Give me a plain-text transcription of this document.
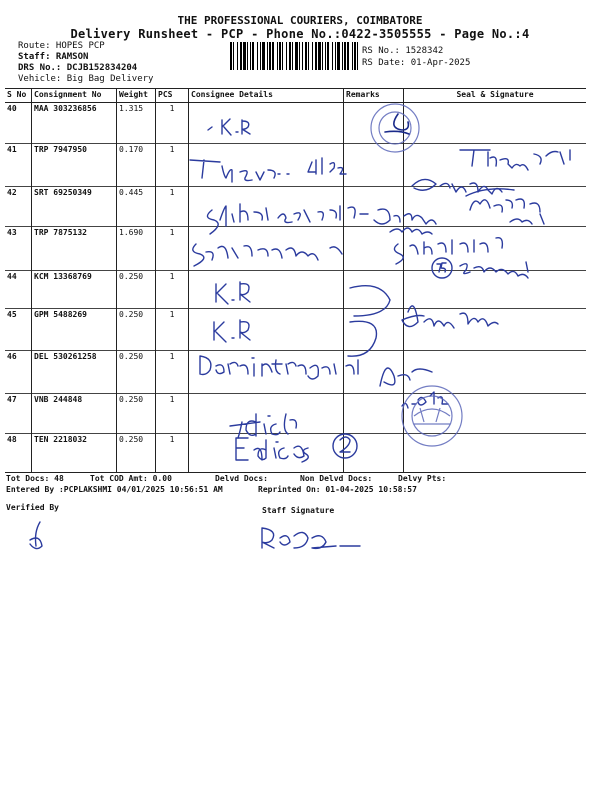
THE PROFESSIONAL COURIERS, COIMBATORE
Delivery Runsheet - PCP - Phone No.:0422-3505555 - Page No.:4
Route: HOPES PCP
Staff: RAMSON
DRS No.: DCJB152834204
Vehicle: Big Bag Delivery
RS No.: 1528342
RS Date: 01-Apr-2025
S No	Consignment No	Weight	PCS	Consignee Details	Remarks	Seal & Signature
40	MAA 303236856	1.315	1			
41	TRP 7947950	0.170	1			
42	SRT 69250349	0.445	1			
43	TRP 7875132	1.690	1			
44	KCM 13368769	0.250	1			
45	GPM 5488269	0.250	1			
46	DEL 530261258	0.250	1			
47	VNB 244848	0.250	1			
48	TEN 2218032	0.250	1			
Tot Docs: 48	Tot COD Amt: 0.00	Delvd Docs:	Non Delvd Docs:	Delvy Pts:
Entered By :PCPLAKSHMI 04/01/2025 10:56:51 AM	Reprinted On: 01-04-2025 10:58:57
Verified By	Staff Signature
